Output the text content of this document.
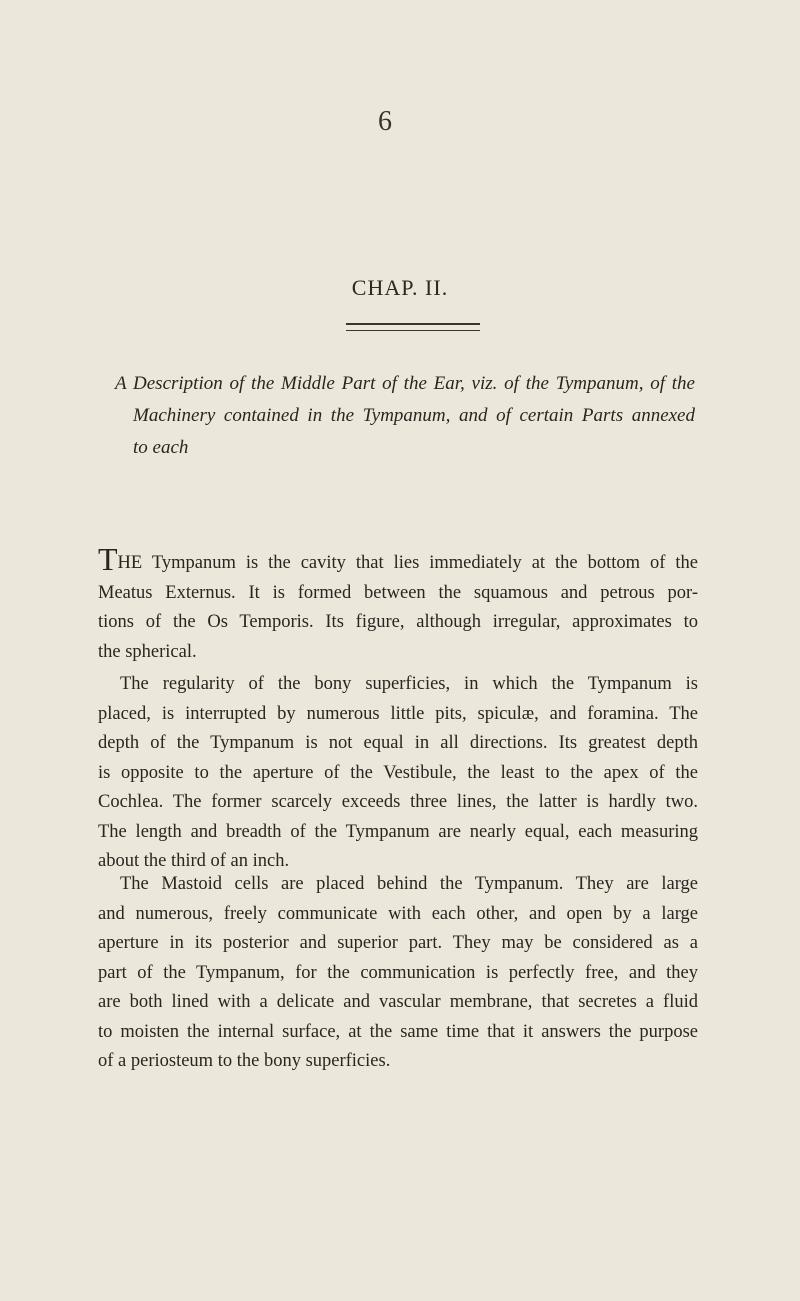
6
CHAP. II.
A Description of the Middle Part of the Ear, viz. of the Tympanum, of the
Machinery contained in the Tympanum, and of certain Parts annexed
to each
THE Tympanum is the cavity that lies immediately at the bottom of the
Meatus Externus. It is formed between the squamous and petrous por-
tions of the Os Temporis. Its figure, although irregular, approximates to
the spherical.
The regularity of the bony superficies, in which the Tympanum is
placed, is interrupted by numerous little pits, spiculæ, and foramina. The
depth of the Tympanum is not equal in all directions. Its greatest depth
is opposite to the aperture of the Vestibule, the least to the apex of the
Cochlea. The former scarcely exceeds three lines, the latter is hardly two.
The length and breadth of the Tympanum are nearly equal, each measuring
about the third of an inch.
The Mastoid cells are placed behind the Tympanum. They are large
and numerous, freely communicate with each other, and open by a large
aperture in its posterior and superior part. They may be considered as a
part of the Tympanum, for the communication is perfectly free, and they
are both lined with a delicate and vascular membrane, that secretes a fluid
to moisten the internal surface, at the same time that it answers the purpose
of a periosteum to the bony superficies.
